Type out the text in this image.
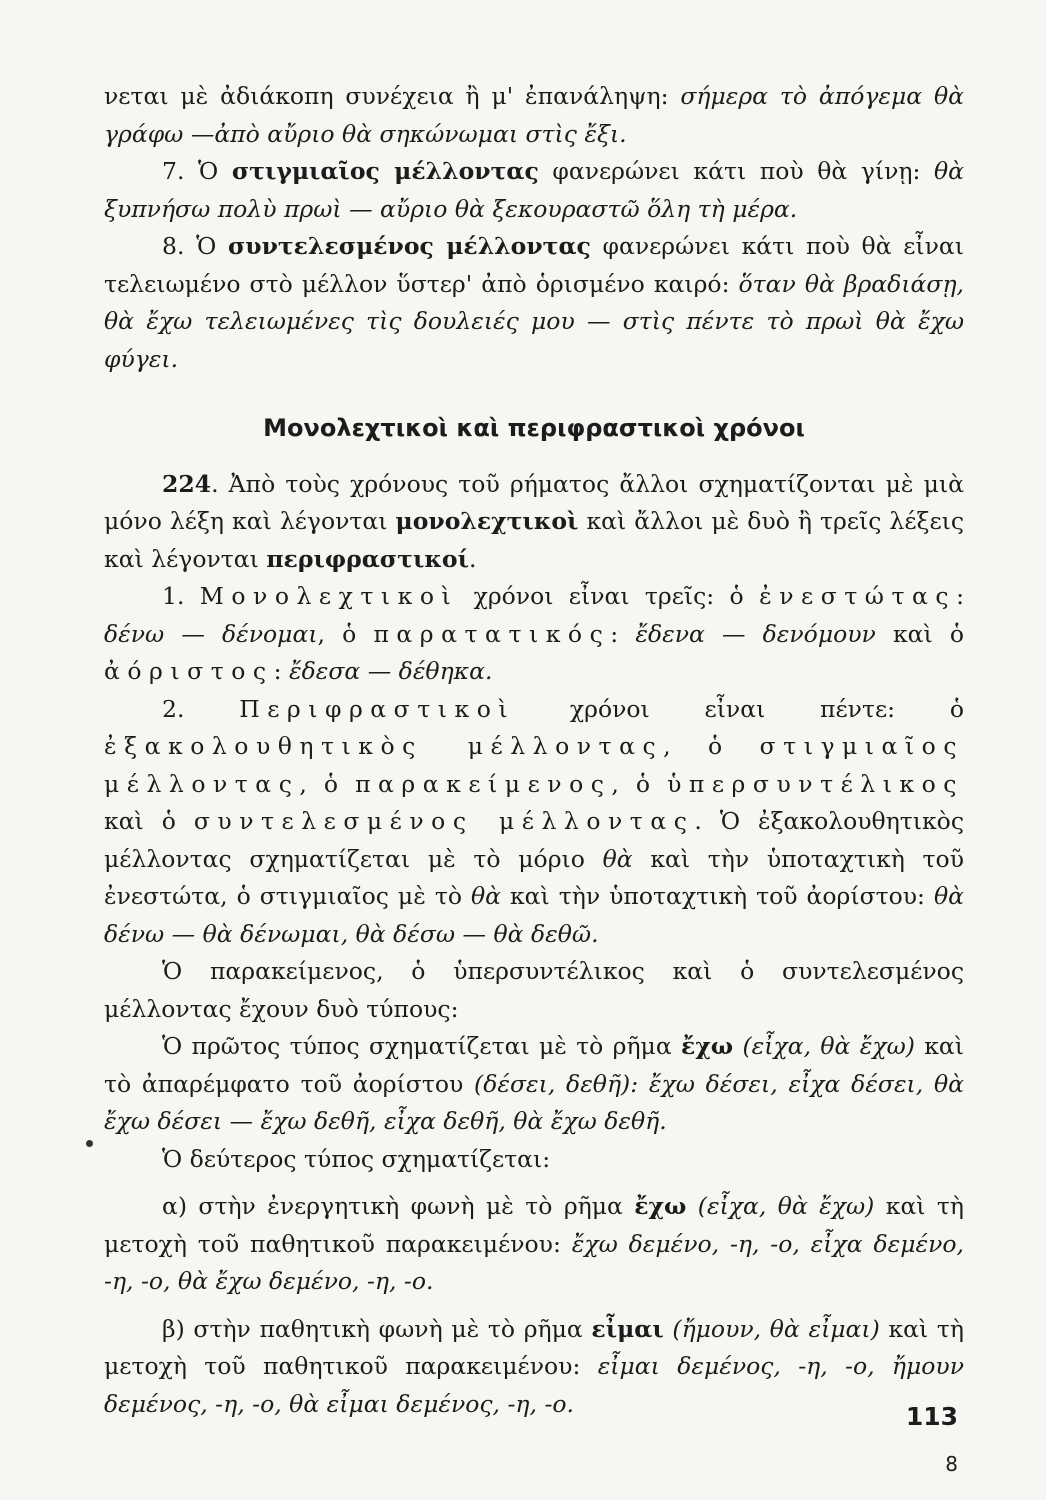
νεται μὲ ἀδιάκοπη συνέχεια ἢ μ' ἐπανάληψη: σήμερα τὸ ἀπόγεμα θὰ γράφω —ἀπὸ αὔριο θὰ σηκώνωμαι στὶς ἔξι.

7. Ὁ στιγμιαῖος μέλλοντας φανερώνει κάτι ποὺ θὰ γίνῃ: θὰ ξυπνήσω πολὺ πρωὶ — αὔριο θὰ ξεκουραστῶ ὅλη τὴ μέρα.

8. Ὁ συντελεσμένος μέλλοντας φανερώνει κάτι ποὺ θὰ εἶναι τελειωμένο στὸ μέλλον ὕστερ' ἀπὸ ὁρισμένο καιρό: ὅταν θὰ βραδιάσῃ, θὰ ἔχω τελειωμένες τὶς δουλειές μου — στὶς πέντε τὸ πρωὶ θὰ ἔχω φύγει.

Μονολεχτικοὶ καὶ περιφραστικοὶ χρόνοι

224. Ἀπὸ τοὺς χρόνους τοῦ ρήματος ἄλλοι σχηματίζονται μὲ μιὰ μόνο λέξη καὶ λέγονται μονολεχτικοὶ καὶ ἄλλοι μὲ δυὸ ἢ τρεῖς λέξεις καὶ λέγονται περιφραστικοί.

1. Μονολεχτικοὶ χρόνοι εἶναι τρεῖς: ὁ ἐνεστώτας: δένω — δένομαι, ὁ παρατατικός: ἔδενα — δενόμουν καὶ ὁ ἀόριστος: ἔδεσα — δέθηκα.

2. Περιφραστικοὶ χρόνοι εἶναι πέντε: ὁ ἐξακολουθητικὸς μέλλοντας, ὁ στιγμιαῖος μέλλοντας, ὁ παρακείμενος, ὁ ὑπερσυντέλικος καὶ ὁ συντελεσμένος μέλλοντας. Ὁ ἐξακολουθητικὸς μέλλοντας σχηματίζεται μὲ τὸ μόριο θὰ καὶ τὴν ὑποταχτικὴ τοῦ ἐνεστώτα, ὁ στιγμιαῖος μὲ τὸ θὰ καὶ τὴν ὑποταχτικὴ τοῦ ἀορίστου: θὰ δένω — θὰ δένωμαι, θὰ δέσω — θὰ δεθῶ.

Ὁ παρακείμενος, ὁ ὑπερσυντέλικος καὶ ὁ συντελεσμένος μέλλοντας ἔχουν δυὸ τύπους:

Ὁ πρῶτος τύπος σχηματίζεται μὲ τὸ ρῆμα ἔχω (εἶχα, θὰ ἔχω) καὶ τὸ ἀπαρέμφατο τοῦ ἀορίστου (δέσει, δεθῆ): ἔχω δέσει, εἶχα δέσει, θὰ ἔχω δέσει — ἔχω δεθῆ, εἶχα δεθῆ, θὰ ἔχω δεθῆ.

Ὁ δεύτερος τύπος σχηματίζεται:

α) στὴν ἐνεργητικὴ φωνὴ μὲ τὸ ρῆμα ἔχω (εἶχα, θὰ ἔχω) καὶ τὴ μετοχὴ τοῦ παθητικοῦ παρακειμένου: ἔχω δεμένο, -η, -ο, εἶχα δεμένο, -η, -ο, θὰ ἔχω δεμένο, -η, -ο.

β) στὴν παθητικὴ φωνὴ μὲ τὸ ρῆμα εἶμαι (ἤμουν, θὰ εἶμαι) καὶ τὴ μετοχὴ τοῦ παθητικοῦ παρακειμένου: εἶμαι δεμένος, -η, -ο, ἤμουν δεμένος, -η, -ο, θὰ εἶμαι δεμένος, -η, -ο.	113
8
